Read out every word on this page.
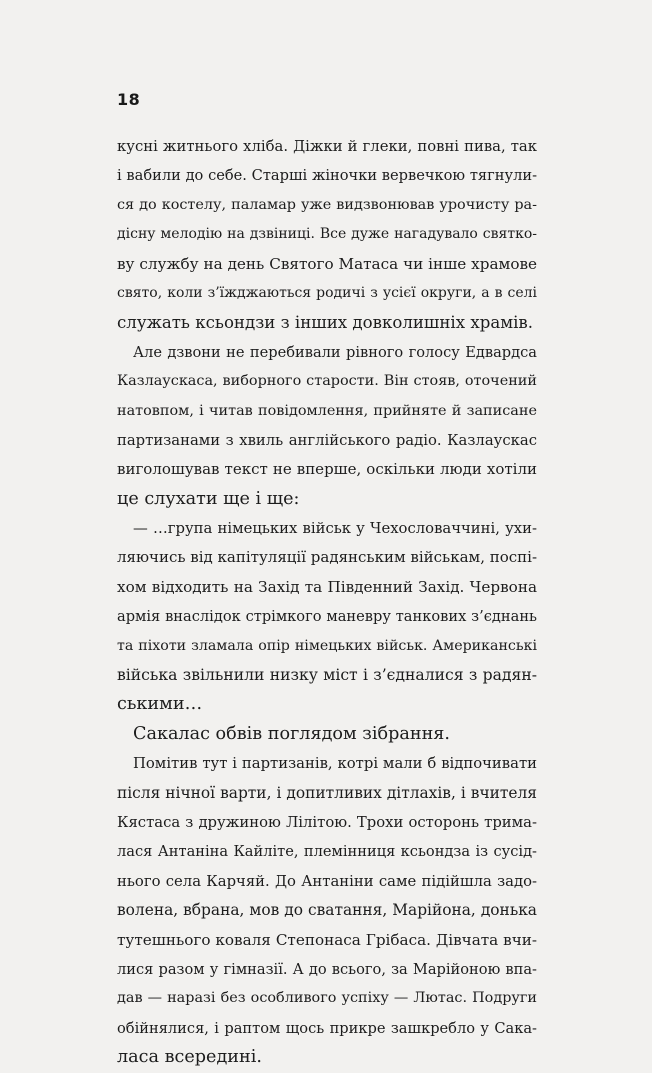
18
кусні житнього хліба. Діжки й глеки, повні пива, так
і вабили до себе. Старші жіночки вервечкою тягнули-
ся до костелу, паламар уже видзвонював урочисту ра-
дісну мелодію на дзвіниці. Все дуже нагадувало святко-
ву службу на день Святого Матаса чи інше храмове
свято, коли з’їжджаються родичі з усієї округи, а в селі
служать ксьондзи з інших довколишніх храмів.
Але дзвони не перебивали рівного голосу Едвардса
Казлаускаса, виборного старости. Він стояв, оточений
натовпом, і читав повідомлення, прийняте й записане
партизанами з хвиль англійського радіо. Казлаускас
виголошував текст не вперше, оскільки люди хотіли
це слухати ще і ще:
— …група німецьких військ у Чехословаччині, ухи-
ляючись від капітуляції радянським військам, поспі-
хом відходить на Захід та Південний Захід. Червона
армія внаслідок стрімкого маневру танкових з’єднань
та піхоти зламала опір німецьких військ. Американські
війська звільнили низку міст і з’єдналися з радян-
ськими…
Сакалас обвів поглядом зібрання.
Помітив тут і партизанів, котрі мали б відпочивати
після нічної варти, і допитливих дітлахів, і вчителя
Кястаса з дружиною Лілітою. Трохи осторонь трима-
лася Антаніна Кайліте, племінниця ксьондза із сусід-
нього села Карчяй. До Антаніни саме підійшла задо-
волена, вбрана, мов до сватання, Марійона, донька
тутешнього коваля Степонаса Грібаса. Дівчата вчи-
лися разом у гімназії. А до всього, за Марійоною впа-
дав — наразі без особливого успіху — Лютас. Подруги
обійнялися, і раптом щось прикре зашкребло у Сака-
ласа всередині.
